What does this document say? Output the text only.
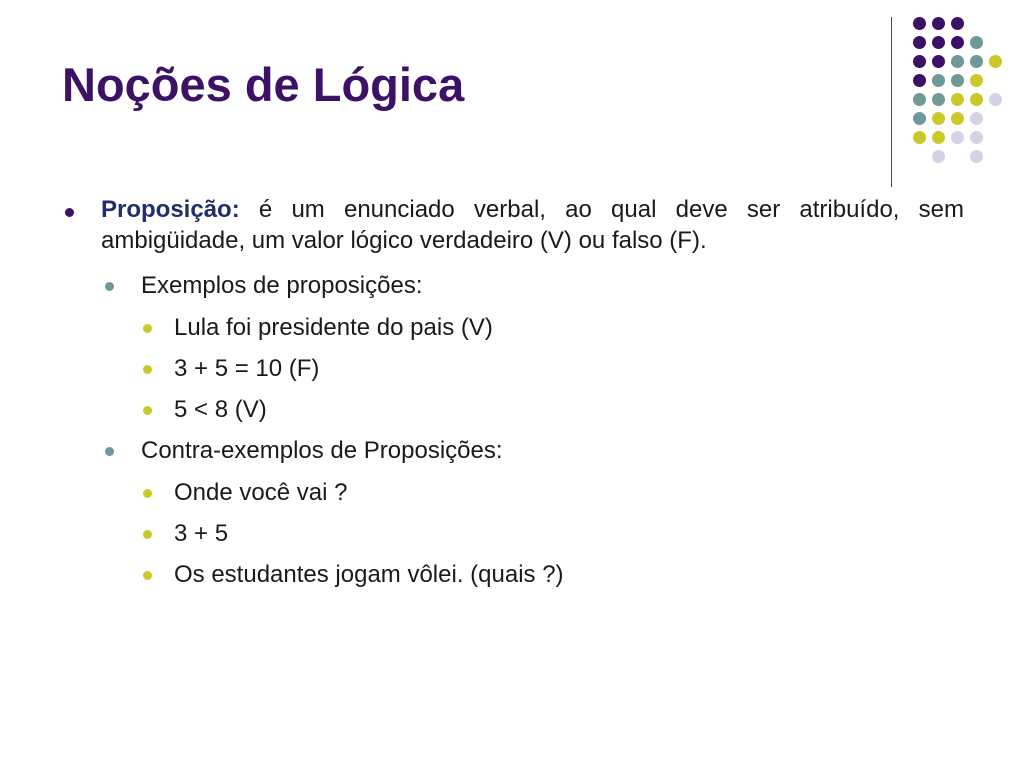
Noções de Lógica
Proposição: é um enunciado verbal, ao qual deve ser atribuído, sem ambigüidade, um valor lógico verdadeiro (V) ou falso (F).
Exemplos de proposições:
Lula foi presidente do pais (V)
3 + 5 = 10 (F)
5 < 8 (V)
Contra-exemplos de Proposições:
Onde você vai ?
3 + 5
Os estudantes jogam vôlei. (quais ?)
